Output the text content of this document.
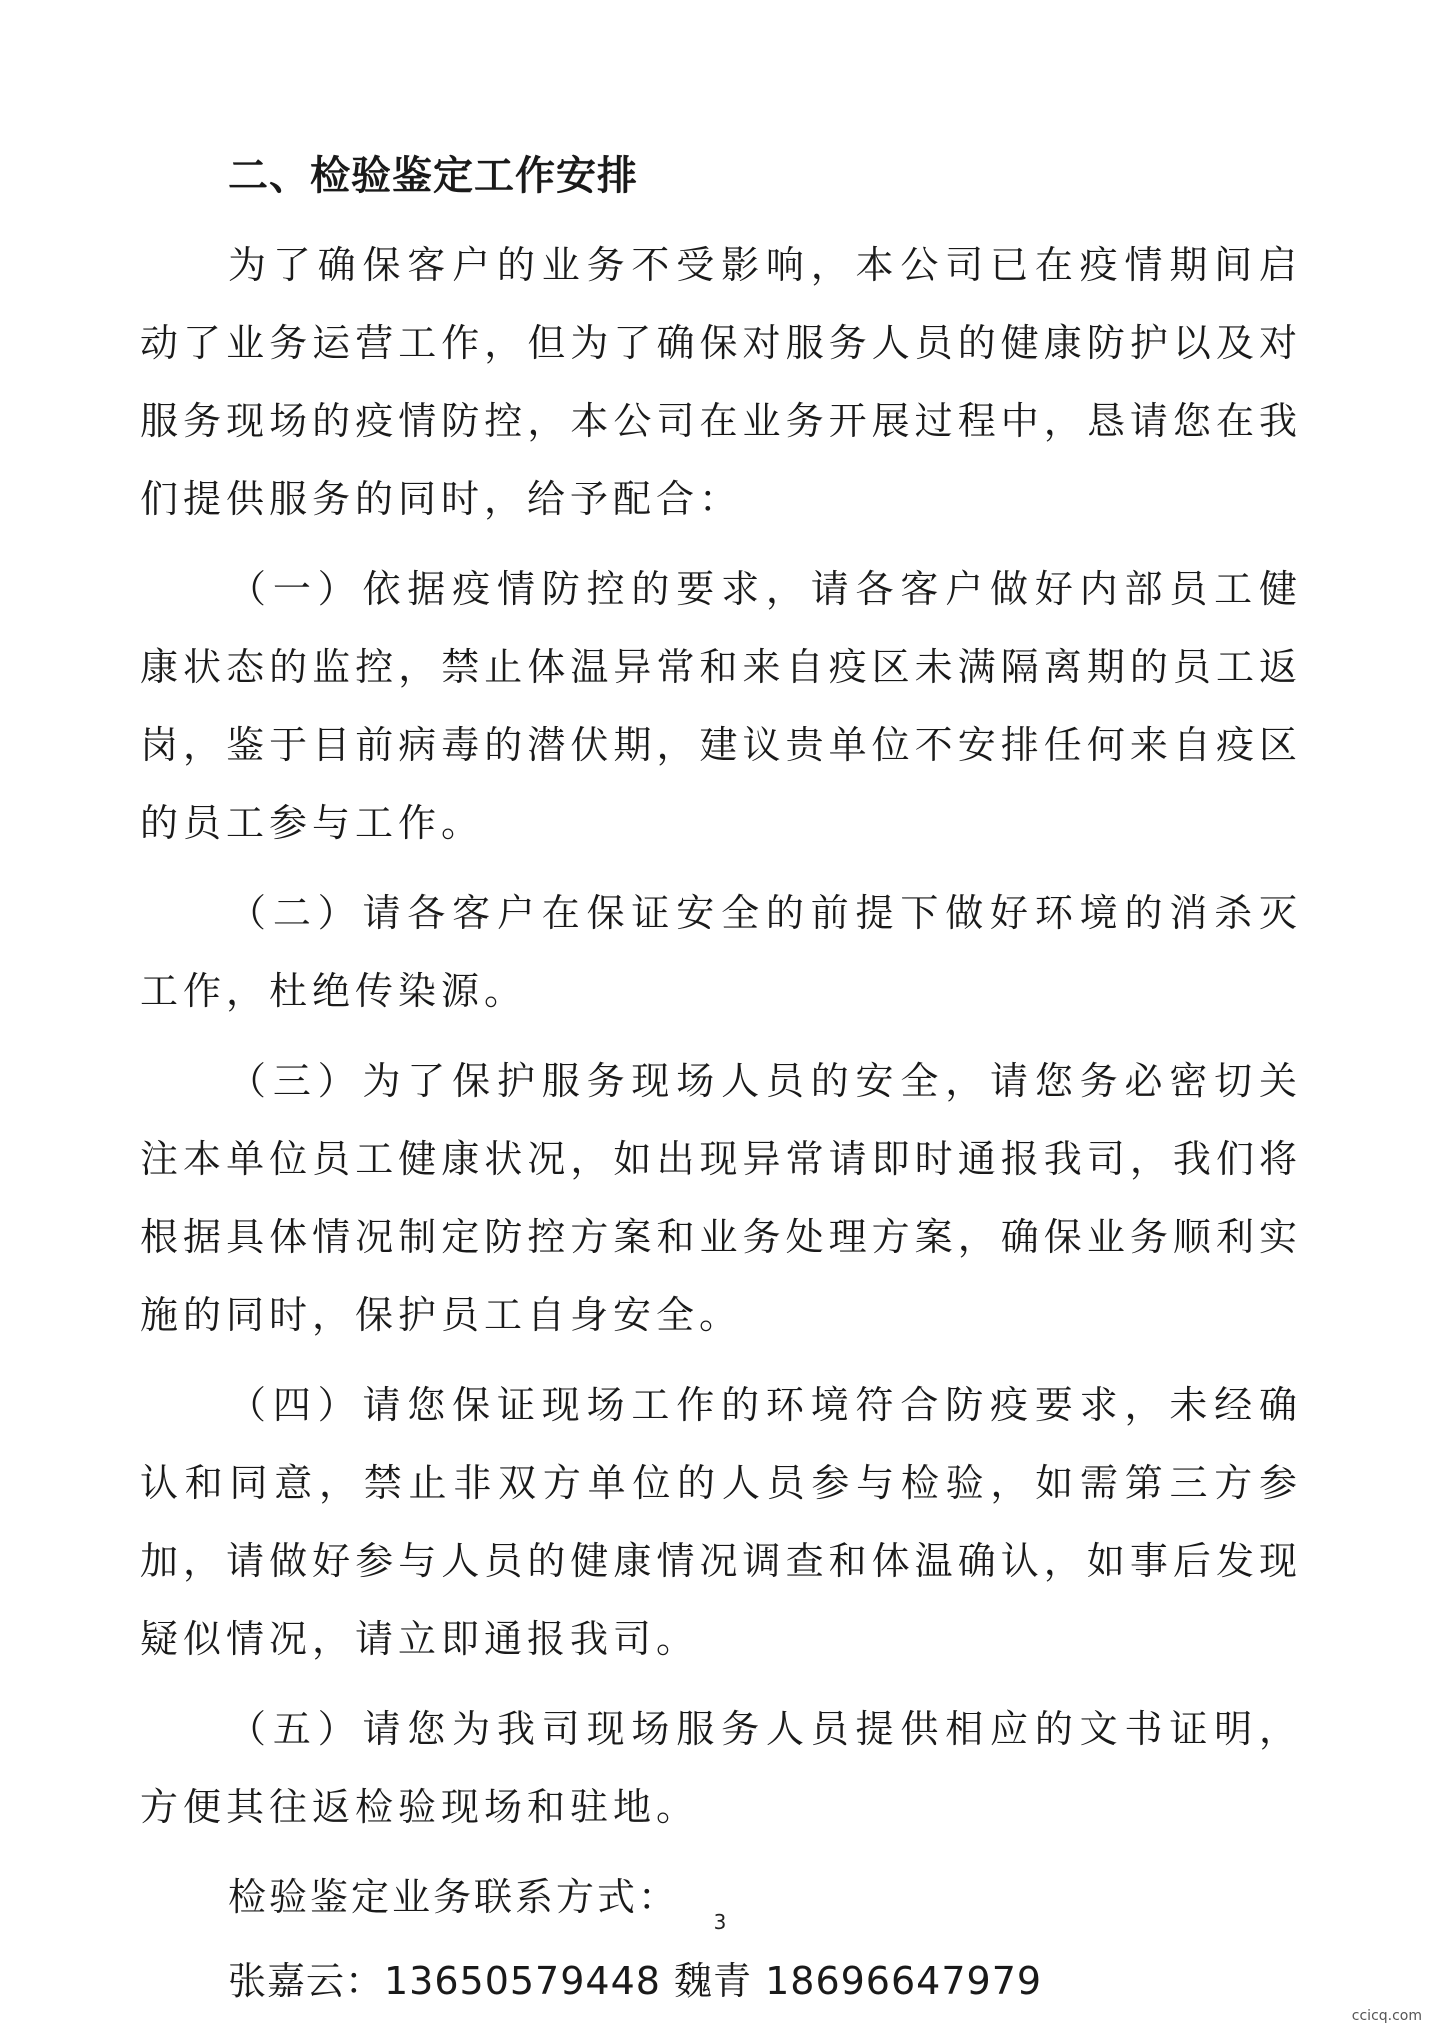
二、检验鉴定工作安排

为了确保客户的业务不受影响，本公司已在疫情期间启动了业务运营工作，但为了确保对服务人员的健康防护以及对服务现场的疫情防控，本公司在业务开展过程中，恳请您在我们提供服务的同时，给予配合：

（一）依据疫情防控的要求，请各客户做好内部员工健康状态的监控，禁止体温异常和来自疫区未满隔离期的员工返岗，鉴于目前病毒的潜伏期，建议贵单位不安排任何来自疫区的员工参与工作。

（二）请各客户在保证安全的前提下做好环境的消杀灭工作，杜绝传染源。

（三）为了保护服务现场人员的安全，请您务必密切关注本单位员工健康状况，如出现异常请即时通报我司，我们将根据具体情况制定防控方案和业务处理方案，确保业务顺利实施的同时，保护员工自身安全。

（四）请您保证现场工作的环境符合防疫要求，未经确认和同意，禁止非双方单位的人员参与检验，如需第三方参加，请做好参与人员的健康情况调查和体温确认，如事后发现疑似情况，请立即通报我司。

（五）请您为我司现场服务人员提供相应的文书证明，方便其往返检验现场和驻地。

检验鉴定业务联系方式：
张嘉云：13650579448 魏青 18696647979
3
ccicq.com
